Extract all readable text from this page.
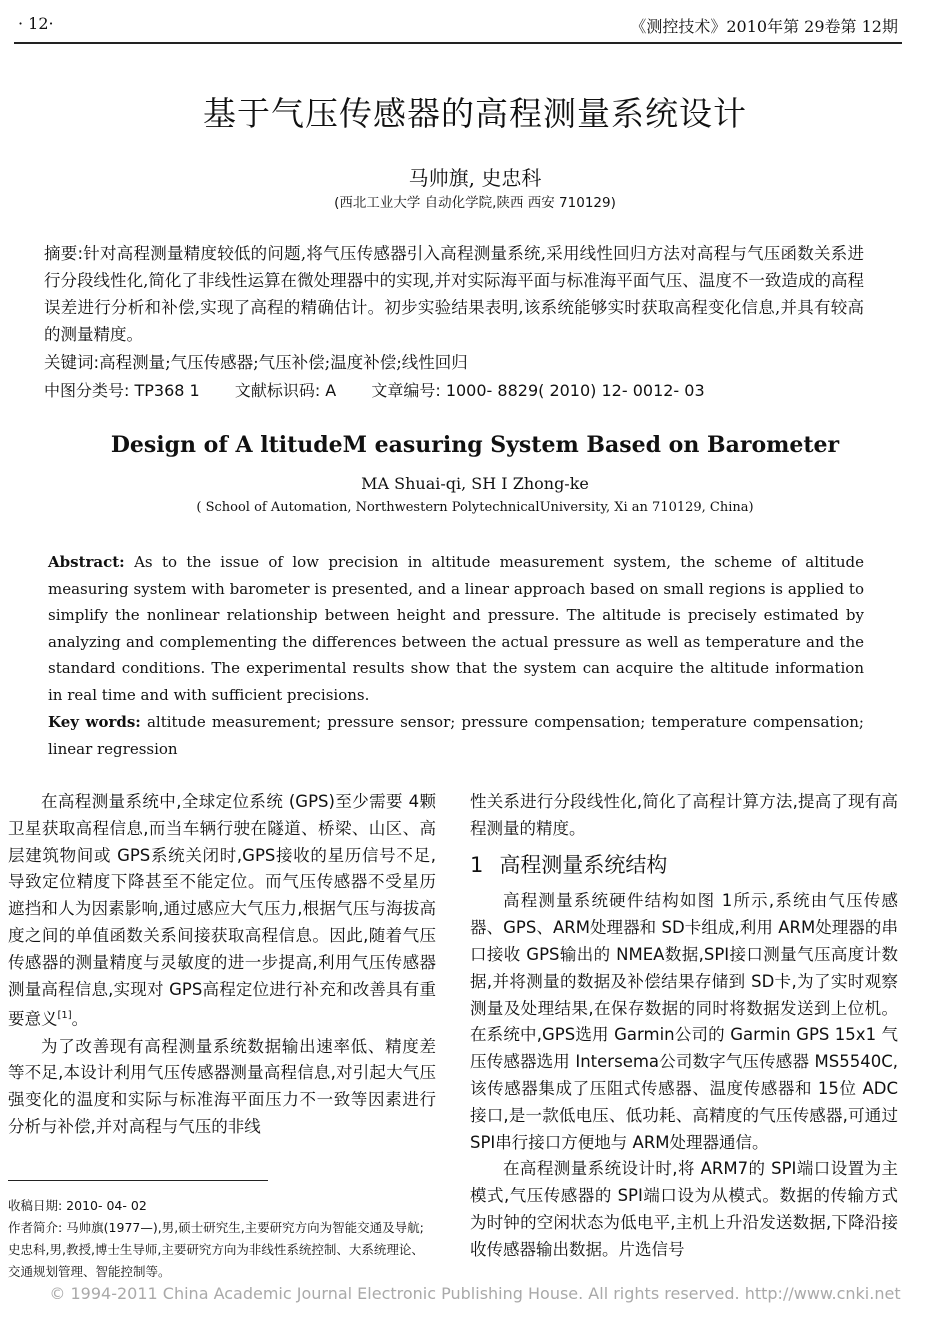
· 12·	《测控技术》2010年第 29卷第 12期
基于气压传感器的高程测量系统设计
马帅旗, 史忠科
(西北工业大学 自动化学院,陕西 西安 710129)
摘要:针对高程测量精度较低的问题,将气压传感器引入高程测量系统,采用线性回归方法对高程与气压函数关系进行分段线性化,简化了非线性运算在微处理器中的实现,并对实际海平面与标准海平面气压、温度不一致造成的高程误差进行分析和补偿,实现了高程的精确估计。初步实验结果表明,该系统能够实时获取高程变化信息,并具有较高的测量精度。
关键词:高程测量;气压传感器;气压补偿;温度补偿;线性回归
中图分类号: TP368 1 文献标识码: A 文章编号: 1000- 8829( 2010) 12- 0012- 03
Design of A ltitudeM easuring System Based on Barometer
MA Shuai-qi, SH I Zhong-ke
( School of Automation, Northwestern PolytechnicalUniversity, Xi an 710129, China)
Abstract: As to the issue of low precision in altitude measurement system, the scheme of altitude measuring system with barometer is presented, and a linear approach based on small regions is applied to simplify the nonlinear relationship between height and pressure. The altitude is precisely estimated by analyzing and complementing the differences between the actual pressure as well as temperature and the standard conditions. The experimental results show that the system can acquire the altitude information in real time and with sufficient precisions.
Key words: altitude measurement; pressure sensor; pressure compensation; temperature compensation; linear regression

在高程测量系统中,全球定位系统 (GPS)至少需要 4颗卫星获取高程信息,而当车辆行驶在隧道、桥梁、山区、高层建筑物间或 GPS系统关闭时,GPS接收的星历信号不足,导致定位精度下降甚至不能定位。而气压传感器不受星历遮挡和人为因素影响,通过感应大气压力,根据气压与海拔高度之间的单值函数关系间接获取高程信息。因此,随着气压传感器的测量精度与灵敏度的进一步提高,利用气压传感器测量高程信息,实现对 GPS高程定位进行补充和改善具有重要意义[1]。

为了改善现有高程测量系统数据输出速率低、精度差等不足,本设计利用气压传感器测量高程信息,对引起大气压强变化的温度和实际与标准海平面压力不一致等因素进行分析与补偿,并对高程与气压的非线

性关系进行分段线性化,简化了高程计算方法,提高了现有高程测量的精度。

1 高程测量系统结构

高程测量系统硬件结构如图 1所示,系统由气压传感器、GPS、ARM处理器和 SD卡组成,利用 ARM处理器的串口接收 GPS输出的 NMEA数据,SPI接口测量气压高度计数据,并将测量的数据及补偿结果存储到 SD卡,为了实时观察测量及处理结果,在保存数据的同时将数据发送到上位机。在系统中,GPS选用 Garmin公司的 Garmin GPS 15x1 气压传感器选用 Intersema公司数字气压传感器 MS5540C,该传感器集成了压阻式传感器、温度传感器和 15位 ADC接口,是一款低电压、低功耗、高精度的气压传感器,可通过 SPI串行接口方便地与 ARM处理器通信。

在高程测量系统设计时,将 ARM7的 SPI端口设置为主模式,气压传感器的 SPI端口设为从模式。数据的传输方式为时钟的空闲状态为低电平,主机上升沿发送数据,下降沿接收传感器输出数据。片选信号

收稿日期: 2010- 04- 02

作者简介: 马帅旗(1977—),男,硕士研究生,主要研究方向为智能交通及导航;史忠科,男,教授,博士生导师,主要研究方向为非线性系统控制、大系统理论、交通规划管理、智能控制等。

© 1994-2011 China Academic Journal Electronic Publishing House. All rights reserved. http://www.cnki.net
